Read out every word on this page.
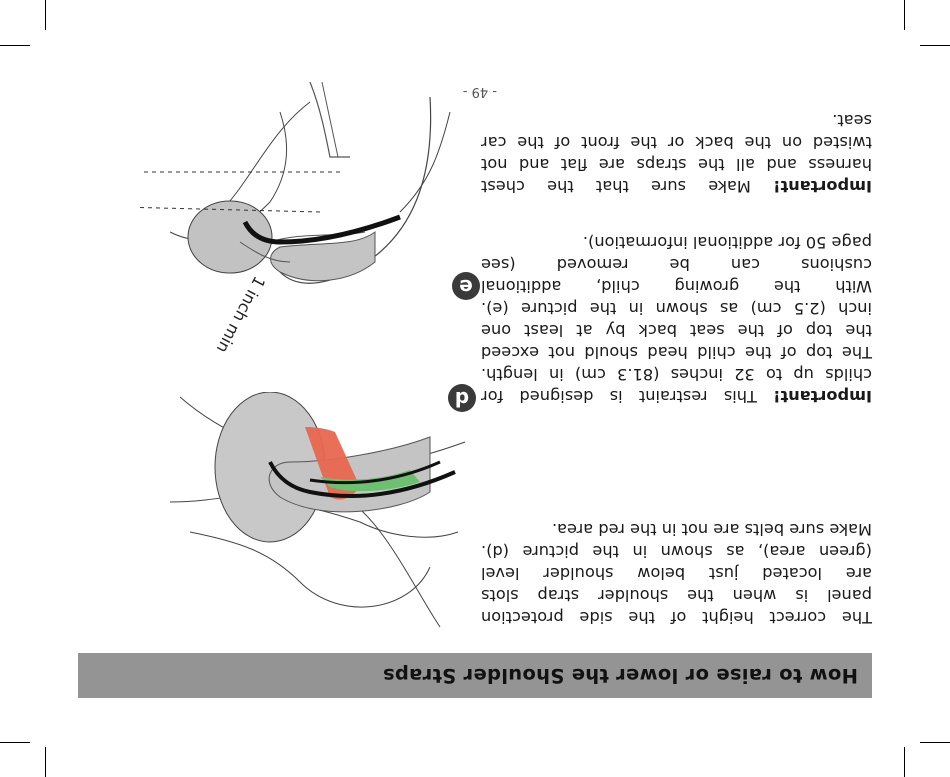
How to raise or lower the Shoulder Straps
The correct height of the side protection
panel is when the shoulder strap slots
are located just below shoulder level
(green area), as shown in the picture (d).
Make sure belts are not in the red area.
Important! This restraint is designed for
childs up to 32 inches (81.3 cm) in length.
The top of the child head should not exceed
the top of the seat back by at least one
inch (2.5 cm) as shown in the picture (e).
With the growing child, additional
cushions can be removed (see
page 50 for additional information).
Important! Make sure that the chest
harness and all the straps are flat and not
twisted on the back or the front of the car
seat.
- 49 -
d
e
1 inch min
